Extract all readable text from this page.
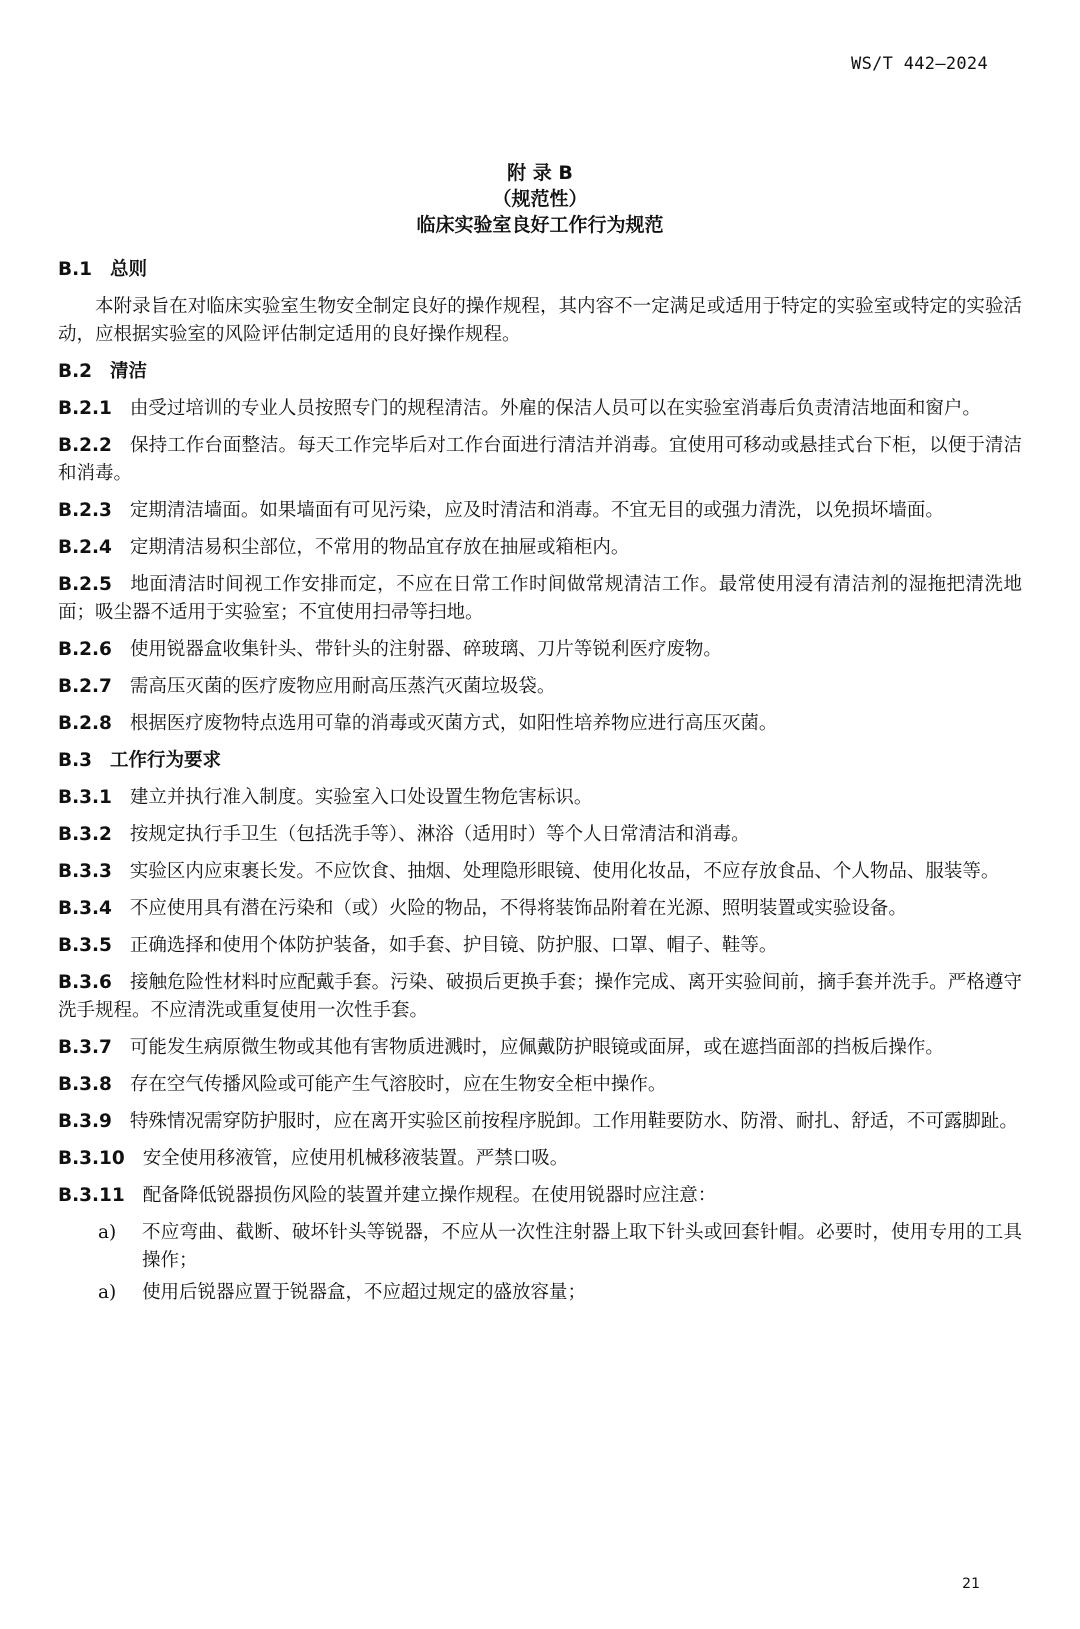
WS/T 442—2024
附 录 B
（规范性）
临床实验室良好工作行为规范
B.1 总则

本附录旨在对临床实验室生物安全制定良好的操作规程，其内容不一定满足或适用于特定的实验室或特定的实验活动，应根据实验室的风险评估制定适用的良好操作规程。

B.2 清洁

B.2.1 由受过培训的专业人员按照专门的规程清洁。外雇的保洁人员可以在实验室消毒后负责清洁地面和窗户。

B.2.2 保持工作台面整洁。每天工作完毕后对工作台面进行清洁并消毒。宜使用可移动或悬挂式台下柜，以便于清洁和消毒。

B.2.3 定期清洁墙面。如果墙面有可见污染，应及时清洁和消毒。不宜无目的或强力清洗，以免损坏墙面。

B.2.4 定期清洁易积尘部位，不常用的物品宜存放在抽屉或箱柜内。

B.2.5 地面清洁时间视工作安排而定，不应在日常工作时间做常规清洁工作。最常使用浸有清洁剂的湿拖把清洗地面；吸尘器不适用于实验室；不宜使用扫帚等扫地。

B.2.6 使用锐器盒收集针头、带针头的注射器、碎玻璃、刀片等锐利医疗废物。

B.2.7 需高压灭菌的医疗废物应用耐高压蒸汽灭菌垃圾袋。

B.2.8 根据医疗废物特点选用可靠的消毒或灭菌方式，如阳性培养物应进行高压灭菌。

B.3 工作行为要求

B.3.1 建立并执行准入制度。实验室入口处设置生物危害标识。

B.3.2 按规定执行手卫生（包括洗手等）、淋浴（适用时）等个人日常清洁和消毒。

B.3.3 实验区内应束裹长发。不应饮食、抽烟、处理隐形眼镜、使用化妆品，不应存放食品、个人物品、服装等。

B.3.4 不应使用具有潜在污染和（或）火险的物品，不得将装饰品附着在光源、照明装置或实验设备。

B.3.5 正确选择和使用个体防护装备，如手套、护目镜、防护服、口罩、帽子、鞋等。

B.3.6 接触危险性材料时应配戴手套。污染、破损后更换手套；操作完成、离开实验间前，摘手套并洗手。严格遵守洗手规程。不应清洗或重复使用一次性手套。

B.3.7 可能发生病原微生物或其他有害物质进溅时，应佩戴防护眼镜或面屏，或在遮挡面部的挡板后操作。

B.3.8 存在空气传播风险或可能产生气溶胶时，应在生物安全柜中操作。

B.3.9 特殊情况需穿防护服时，应在离开实验区前按程序脱卸。工作用鞋要防水、防滑、耐扎、舒适，不可露脚趾。

B.3.10 安全使用移液管，应使用机械移液装置。严禁口吸。

B.3.11 配备降低锐器损伤风险的装置并建立操作规程。在使用锐器时应注意：

a) 不应弯曲、截断、破坏针头等锐器，不应从一次性注射器上取下针头或回套针帽。必要时，使用专用的工具操作；
a) 使用后锐器应置于锐器盒，不应超过规定的盛放容量；
21
